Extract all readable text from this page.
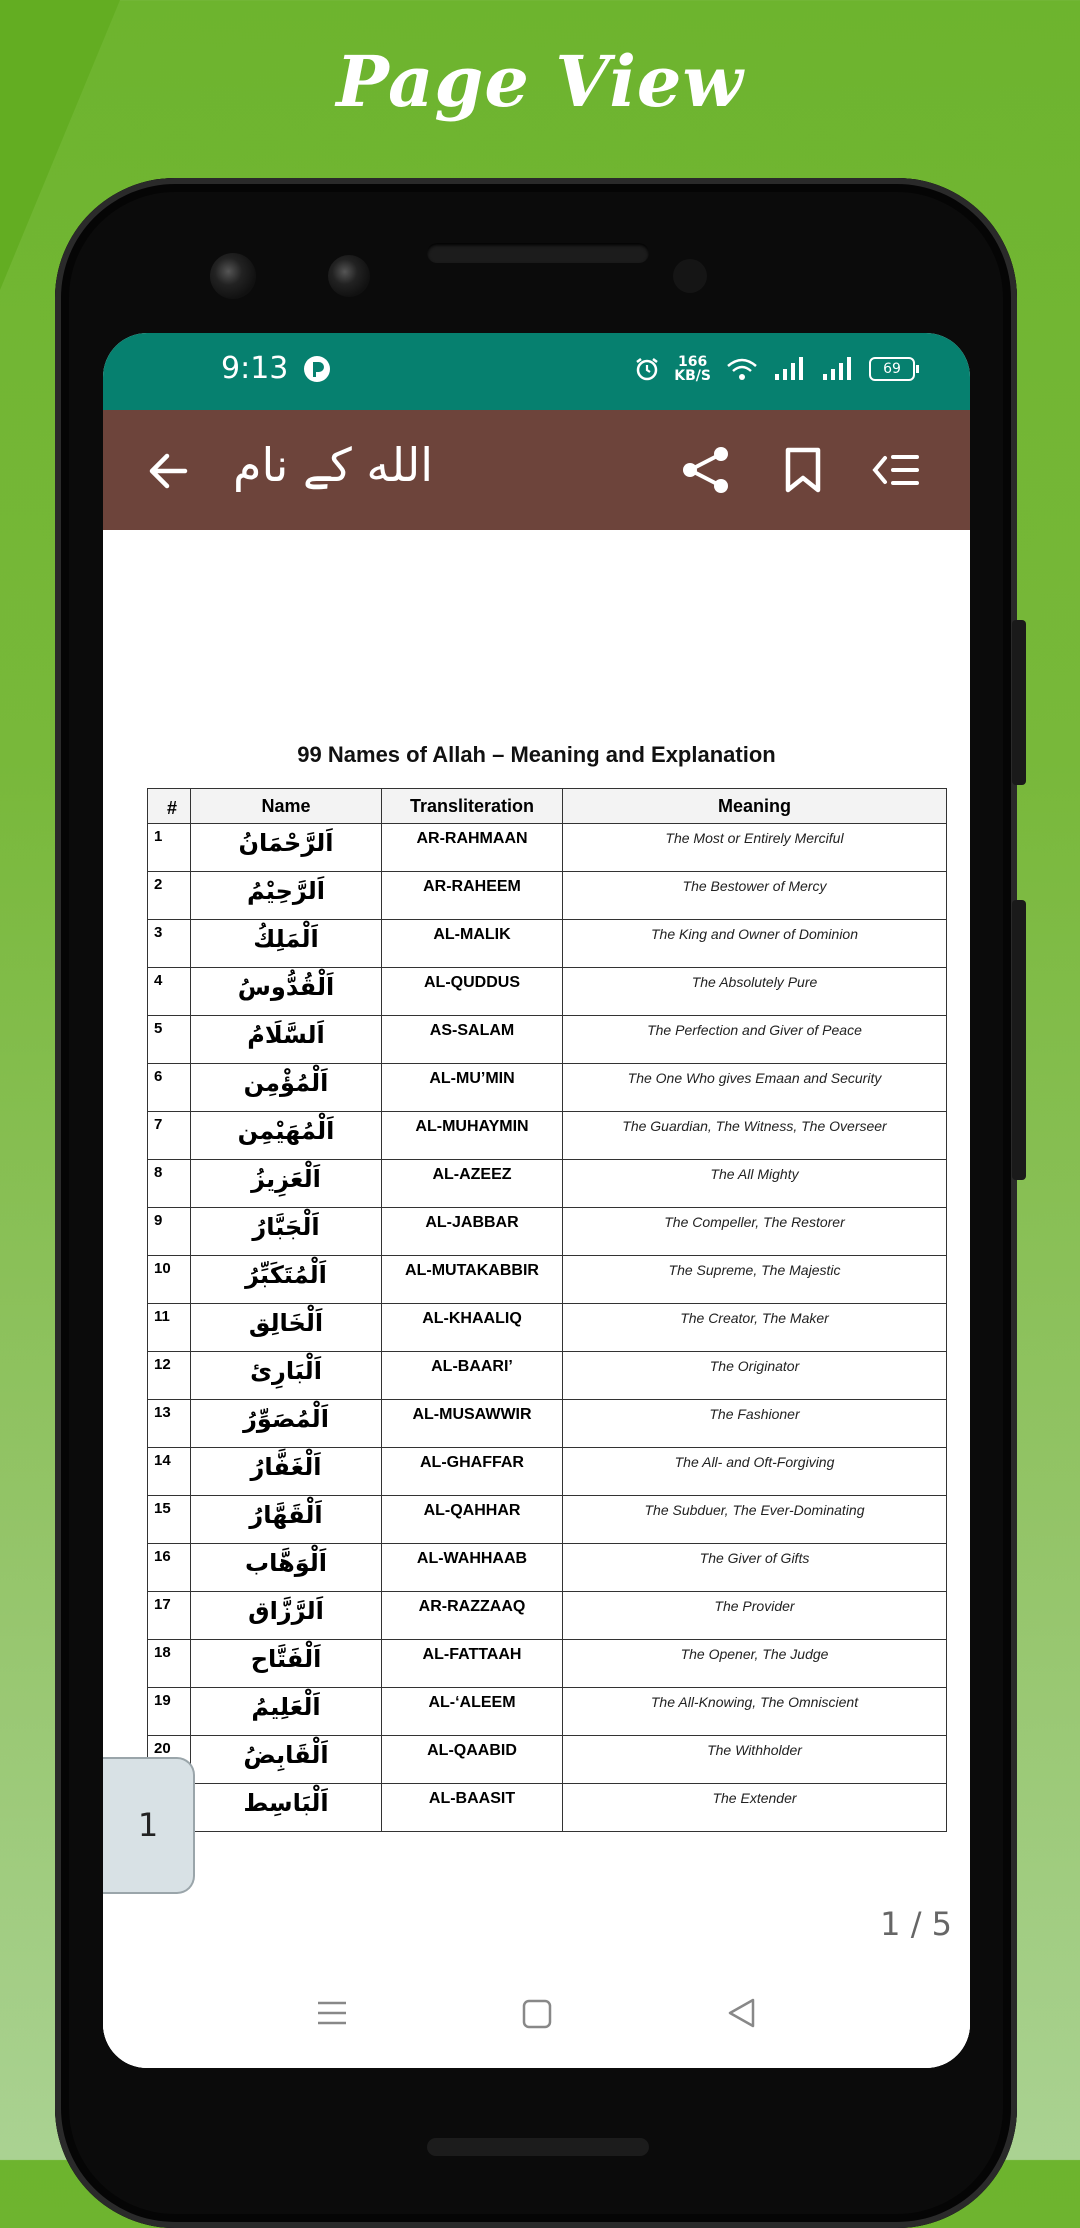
Page View
9:13	166
KB/S	69
الله کے نام
99 Names of Allah – Meaning and Explanation
#	Name	Transliteration	Meaning
1	اَلرَّحْمَانُ	AR-RAHMAAN	The Most or Entirely Merciful
2	اَلرَّحِيْمُ	AR-RAHEEM	The Bestower of Mercy
3	اَلْمَلِكُ	AL-MALIK	The King and Owner of Dominion
4	اَلْقُدُّوسُ	AL-QUDDUS	The Absolutely Pure
5	اَلسَّلَامُ	AS-SALAM	The Perfection and Giver of Peace
6	اَلْمُؤْمِن	AL-MU’MIN	The One Who gives Emaan and Security
7	اَلْمُهَيْمِن	AL-MUHAYMIN	The Guardian, The Witness, The Overseer
8	اَلْعَزِيزُ	AL-AZEEZ	The All Mighty
9	اَلْجَبَّارُ	AL-JABBAR	The Compeller, The Restorer
10	اَلْمُتَكَبِّرُ	AL-MUTAKABBIR	The Supreme, The Majestic
11	اَلْخَالِق	AL-KHAALIQ	The Creator, The Maker
12	اَلْبَارِئ	AL-BAARI’	The Originator
13	اَلْمُصَوِّرُ	AL-MUSAWWIR	The Fashioner
14	اَلْغَفَّارُ	AL-GHAFFAR	The All- and Oft-Forgiving
15	اَلْقَهَّارُ	AL-QAHHAR	The Subduer, The Ever-Dominating
16	اَلْوَهَّاب	AL-WAHHAAB	The Giver of Gifts
17	اَلرَّزَّاق	AR-RAZZAAQ	The Provider
18	اَلْفَتَّاح	AL-FATTAAH	The Opener, The Judge
19	اَلْعَلِيمُ	AL-‘ALEEM	The All-Knowing, The Omniscient
20	اَلْقَابِضُ	AL-QAABID	The Withholder
	اَلْبَاسِط	AL-BAASIT	The Extender
1
1 / 5
